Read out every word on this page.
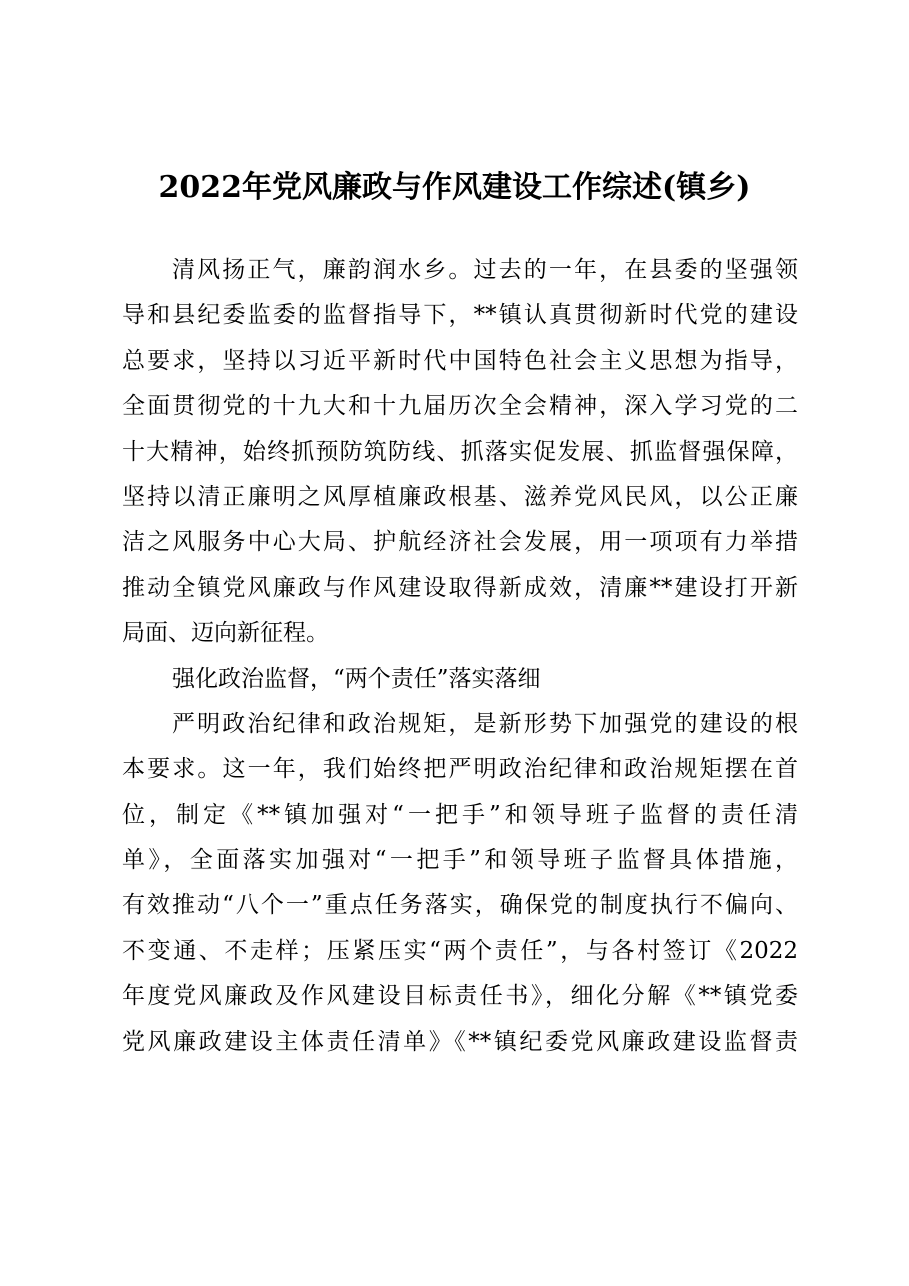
2022年党风廉政与作风建设工作综述(镇乡)
清风扬正气，廉韵润水乡。过去的一年，在县委的坚强领
导和县纪委监委的监督指导下，**镇认真贯彻新时代党的建设
总要求，坚持以习近平新时代中国特色社会主义思想为指导，
全面贯彻党的十九大和十九届历次全会精神，深入学习党的二
十大精神，始终抓预防筑防线、抓落实促发展、抓监督强保障，
坚持以清正廉明之风厚植廉政根基、滋养党风民风，以公正廉
洁之风服务中心大局、护航经济社会发展，用一项项有力举措
推动全镇党风廉政与作风建设取得新成效，清廉**建设打开新
局面、迈向新征程。
强化政治监督，“两个责任”落实落细
严明政治纪律和政治规矩，是新形势下加强党的建设的根
本要求。这一年，我们始终把严明政治纪律和政治规矩摆在首
位，制定《**镇加强对“一把手”和领导班子监督的责任清
单》，全面落实加强对“一把手”和领导班子监督具体措施，
有效推动“八个一”重点任务落实，确保党的制度执行不偏向、
不变通、不走样；压紧压实“两个责任”，与各村签订《2022
年度党风廉政及作风建设目标责任书》，细化分解《**镇党委
党风廉政建设主体责任清单》《**镇纪委党风廉政建设监督责
